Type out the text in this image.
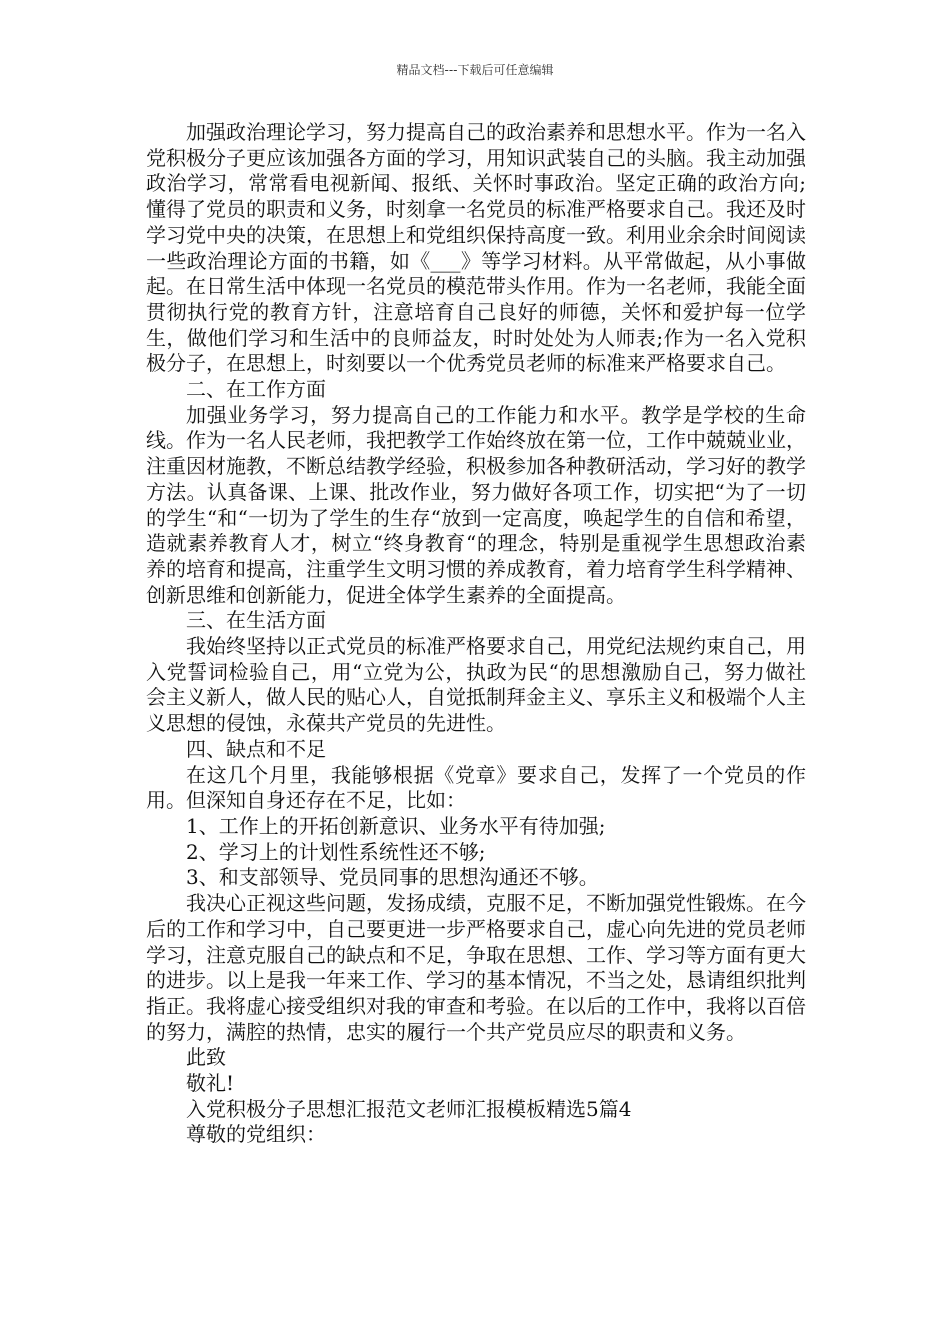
精品文档---下载后可任意编辑

加强政治理论学习，努力提高自己的政治素养和思想水平。作为一名入党积极分子更应该加强各方面的学习，用知识武装自己的头脑。我主动加强政治学习，常常看电视新闻、报纸、关怀时事政治。坚定正确的政治方向;懂得了党员的职责和义务，时刻拿一名党员的标准严格要求自己。我还及时学习党中央的决策，在思想上和党组织保持高度一致。利用业余余时间阅读一些政治理论方面的书籍，如《___》等学习材料。从平常做起，从小事做起。在日常生活中体现一名党员的模范带头作用。作为一名老师，我能全面贯彻执行党的教育方针，注意培育自己良好的师德，关怀和爱护每一位学生，做他们学习和生活中的良师益友，时时处处为人师表;作为一名入党积极分子，在思想上，时刻要以一个优秀党员老师的标准来严格要求自己。

二、在工作方面

加强业务学习，努力提高自己的工作能力和水平。教学是学校的生命线。作为一名人民老师，我把教学工作始终放在第一位，工作中兢兢业业，注重因材施教，不断总结教学经验，积极参加各种教研活动，学习好的教学方法。认真备课、上课、批改作业，努力做好各项工作，切实把“为了一切的学生“和“一切为了学生的生存“放到一定高度，唤起学生的自信和希望，造就素养教育人才，树立“终身教育“的理念，特别是重视学生思想政治素养的培育和提高，注重学生文明习惯的养成教育，着力培育学生科学精神、创新思维和创新能力，促进全体学生素养的全面提高。

三、在生活方面

我始终坚持以正式党员的标准严格要求自己，用党纪法规约束自己，用入党誓词检验自己，用“立党为公，执政为民“的思想激励自己，努力做社会主义新人，做人民的贴心人，自觉抵制拜金主义、享乐主义和极端个人主义思想的侵蚀，永葆共产党员的先进性。

四、缺点和不足

在这几个月里，我能够根据《党章》要求自己，发挥了一个党员的作用。但深知自身还存在不足，比如：

1、工作上的开拓创新意识、业务水平有待加强;

2、学习上的计划性系统性还不够;

3、和支部领导、党员同事的思想沟通还不够。

我决心正视这些问题，发扬成绩，克服不足，不断加强党性锻炼。在今后的工作和学习中，自己要更进一步严格要求自己，虚心向先进的党员老师学习，注意克服自己的缺点和不足，争取在思想、工作、学习等方面有更大的进步。以上是我一年来工作、学习的基本情况，不当之处，恳请组织批判指正。我将虚心接受组织对我的审查和考验。在以后的工作中，我将以百倍的努力，满腔的热情，忠实的履行一个共产党员应尽的职责和义务。

此致

敬礼!

入党积极分子思想汇报范文老师汇报模板精选5篇4

尊敬的党组织：
